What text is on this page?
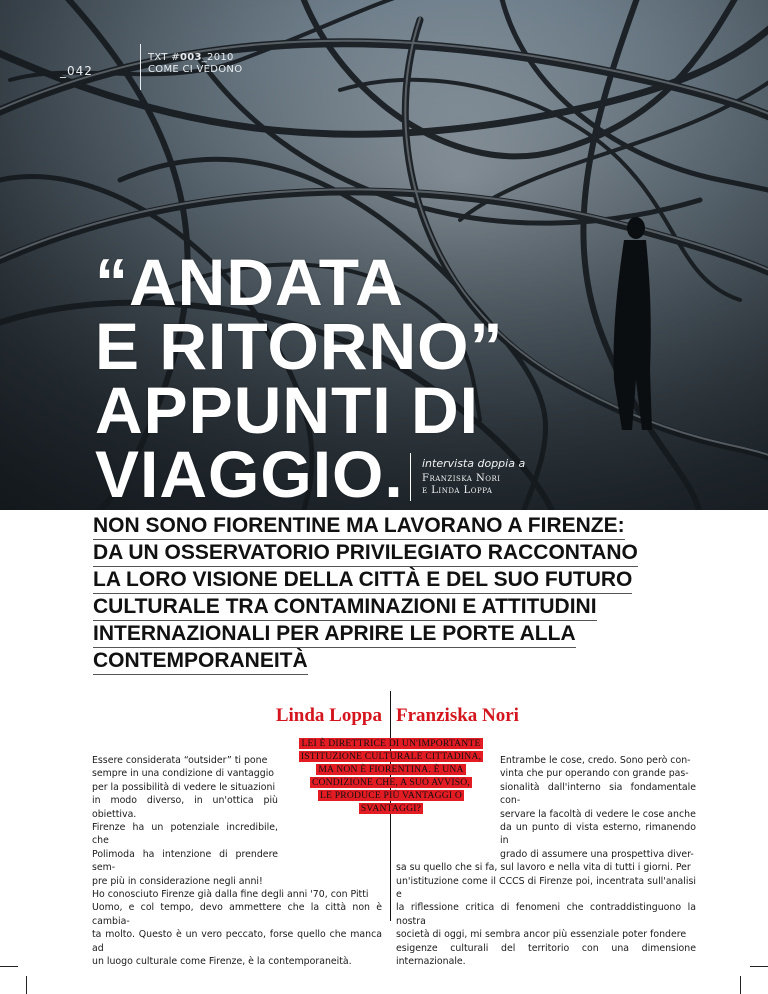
_042
TXT #003_2010
COME CI VEDONO
“ANDATA
E RITORNO”
APPUNTI DI
VIAGGIO.	intervista doppia a
Franziska Nori
e Linda Loppa
NON SONO FIORENTINE MA LAVORANO A FIRENZE:
DA UN OSSERVATORIO PRIVILEGIATO RACCONTANO
LA LORO VISIONE DELLA CITTÀ E DEL SUO FUTURO
CULTURALE TRA CONTAMINAZIONI E ATTITUDINI
INTERNAZIONALI PER APRIRE LE PORTE ALLA
CONTEMPORANEITÀ
Linda Loppa Franziska Nori
Essere considerata “outsider” ti pone
sempre in una condizione di vantaggio
per la possibilità di vedere le situazioni
in modo diverso, in un'ottica più obiettiva.
Firenze ha un potenziale incredibile, che
Polimoda ha intenzione di prendere sem-
pre più in considerazione negli anni!
Ho conosciuto Firenze già dalla fine degli anni '70, con Pitti
Uomo, e col tempo, devo ammettere che la città non è cambia-
ta molto. Questo è un vero peccato, forse quello che manca ad
un luogo culturale come Firenze, è la contemporaneità.
Entrambe le cose, credo. Sono però con-
vinta che pur operando con grande pas-
sionalità dall'interno sia fondamentale con-
servare la facoltà di vedere le cose anche
da un punto di vista esterno, rimanendo in
grado di assumere una prospettiva diver-
sa su quello che si fa, sul lavoro e nella vita di tutti i giorni. Per
un'istituzione come il CCCS di Firenze poi, incentrata sull'analisi e
la riflessione critica di fenomeni che contraddistinguono la nostra
società di oggi, mi sembra ancor più essenziale poter fondere
esigenze culturali del territorio con una dimensione internazionale.
LEI È DIRETTRICE DI UN'IMPORTANTE
ISTITUZIONE CULTURALE CITTADINA,
MA NON È FIORENTINA. È UNA
CONDIZIONE CHE, A SUO AVVISO,
LE PRODUCE PIÙ VANTAGGI O
SVANTAGGI?
